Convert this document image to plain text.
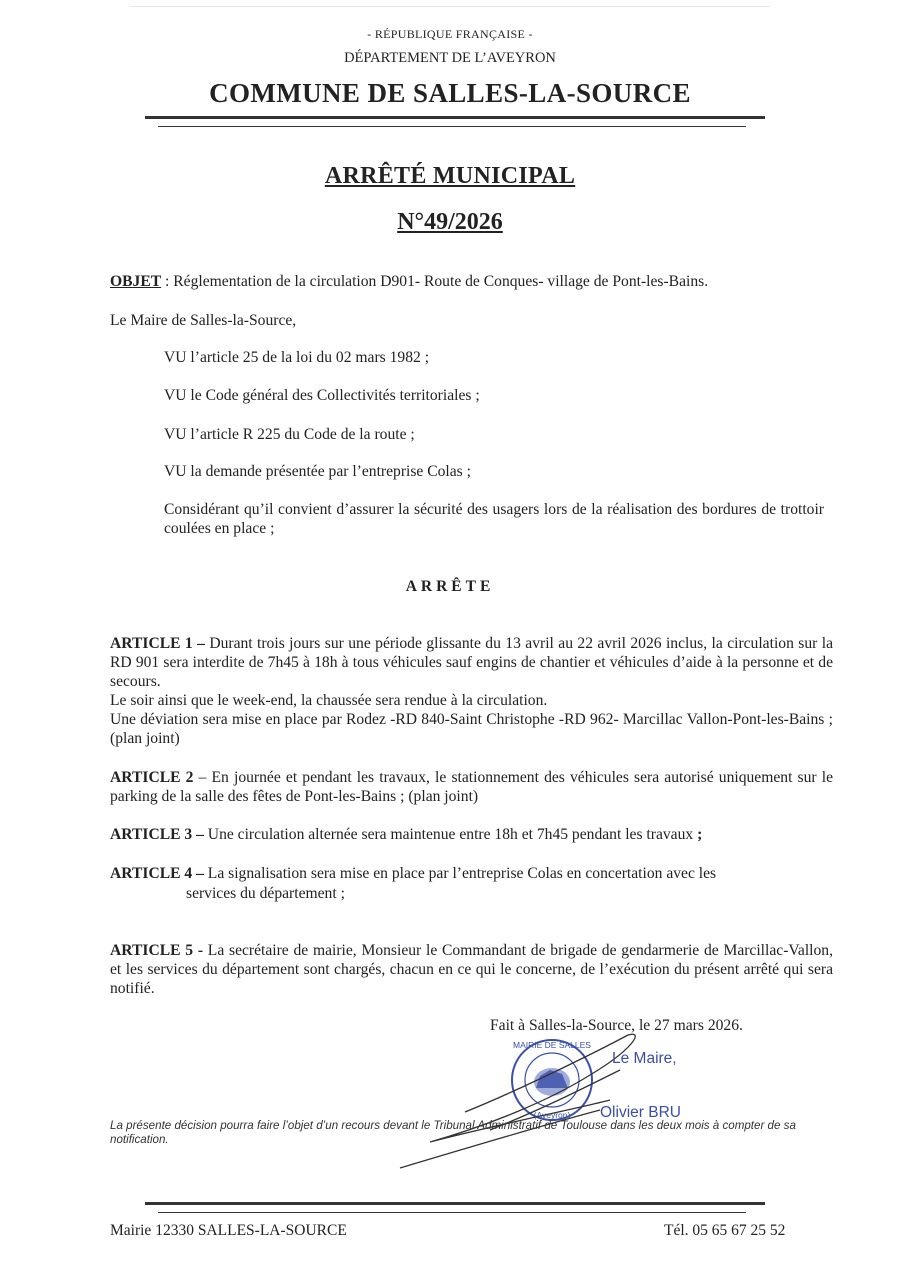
- RÉPUBLIQUE FRANÇAISE -
DÉPARTEMENT DE L’AVEYRON
COMMUNE DE SALLES-LA-SOURCE
ARRÊTÉ MUNICIPAL
N°49/2026
OBJET : Réglementation de la circulation D901- Route de Conques- village de Pont-les-Bains.
Le Maire de Salles-la-Source,
VU l’article 25 de la loi du 02 mars 1982 ;
VU le Code général des Collectivités territoriales ;
VU l’article R 225 du Code de la route ;
VU la demande présentée par l’entreprise Colas ;
Considérant qu’il convient d’assurer la sécurité des usagers lors de la réalisation des bordures de trottoir coulées en place ;
ARRÊTE
ARTICLE 1 – Durant trois jours sur une période glissante du 13 avril au 22 avril 2026 inclus, la circulation sur la RD 901 sera interdite de 7h45 à 18h à tous véhicules sauf engins de chantier et véhicules d’aide à la personne et de secours.
Le soir ainsi que le week-end, la chaussée sera rendue à la circulation.
Une déviation sera mise en place par Rodez -RD 840-Saint Christophe -RD 962- Marcillac Vallon-Pont-les-Bains ; (plan joint)
ARTICLE 2 – En journée et pendant les travaux, le stationnement des véhicules sera autorisé uniquement sur le parking de la salle des fêtes de Pont-les-Bains ; (plan joint)
ARTICLE 3 – Une circulation alternée sera maintenue entre 18h et 7h45 pendant les travaux ;
ARTICLE 4 – La signalisation sera mise en place par l’entreprise Colas en concertation avec les
services du département ;
ARTICLE 5 - La secrétaire de mairie, Monsieur le Commandant de brigade de gendarmerie de Marcillac-Vallon, et les services du département sont chargés, chacun en ce qui le concerne, de l’exécution du présent arrêté qui sera notifié.
Fait à Salles-la-Source, le 27 mars 2026.
MAIRIE DE SALLES
(Aveyron)
Le Maire,
Olivier BRU
La présente décision pourra faire l’objet d’un recours devant le Tribunal Administratif de Toulouse dans les deux mois à compter de sa notification.
Mairie 12330 SALLES-LA-SOURCE	Tél. 05 65 67 25 52
